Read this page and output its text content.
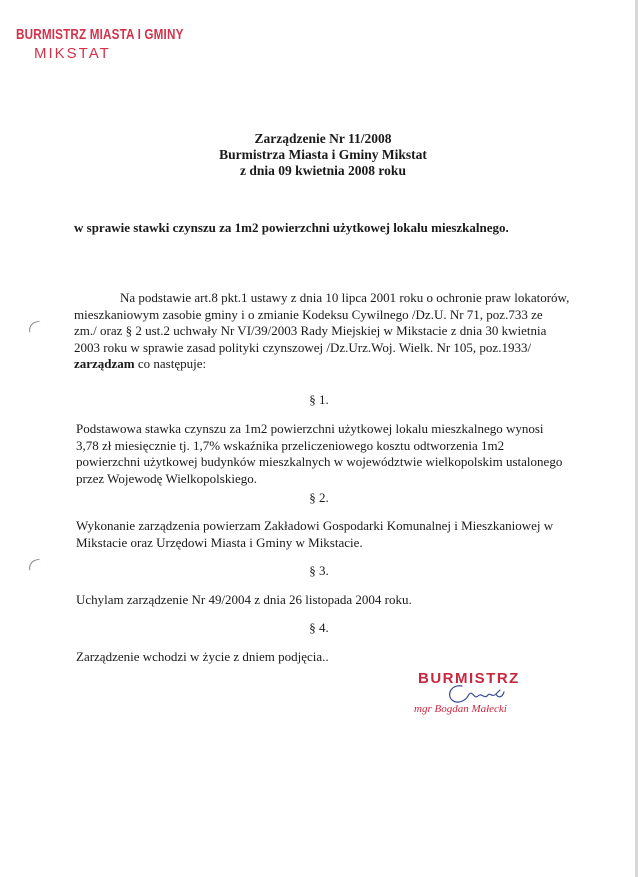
BURMISTRZ MIASTA I GMINY
MIKSTAT
Zarządzenie Nr 11/2008
Burmistrza Miasta i Gminy Mikstat
z dnia 09 kwietnia 2008 roku
w sprawie stawki czynszu za 1m2 powierzchni użytkowej lokalu mieszkalnego.
Na podstawie art.8 pkt.1 ustawy z dnia 10 lipca 2001 roku o ochronie praw lokatorów,
mieszkaniowym zasobie gminy i o zmianie Kodeksu Cywilnego /Dz.U. Nr 71, poz.733 ze
zm./ oraz § 2 ust.2 uchwały Nr VI/39/2003 Rady Miejskiej w Mikstacie z dnia 30 kwietnia
2003 roku w sprawie zasad polityki czynszowej /Dz.Urz.Woj. Wielk. Nr 105, poz.1933/
zarządzam co następuje:
§ 1.
Podstawowa stawka czynszu za 1m2 powierzchni użytkowej lokalu mieszkalnego wynosi
3,78 zł miesięcznie tj. 1,7% wskaźnika przeliczeniowego kosztu odtworzenia 1m2
powierzchni użytkowej budynków mieszkalnych w województwie wielkopolskim ustalonego
przez Wojewodę Wielkopolskiego.
§ 2.
Wykonanie zarządzenia powierzam Zakładowi Gospodarki Komunalnej i Mieszkaniowej w
Mikstacie oraz Urzędowi Miasta i Gminy w Mikstacie.
§ 3.
Uchylam zarządzenie Nr 49/2004 z dnia 26 listopada 2004 roku.
§ 4.
Zarządzenie wchodzi w życie z dniem podjęcia..
BURMISTRZ
mgr Bogdan Małecki
